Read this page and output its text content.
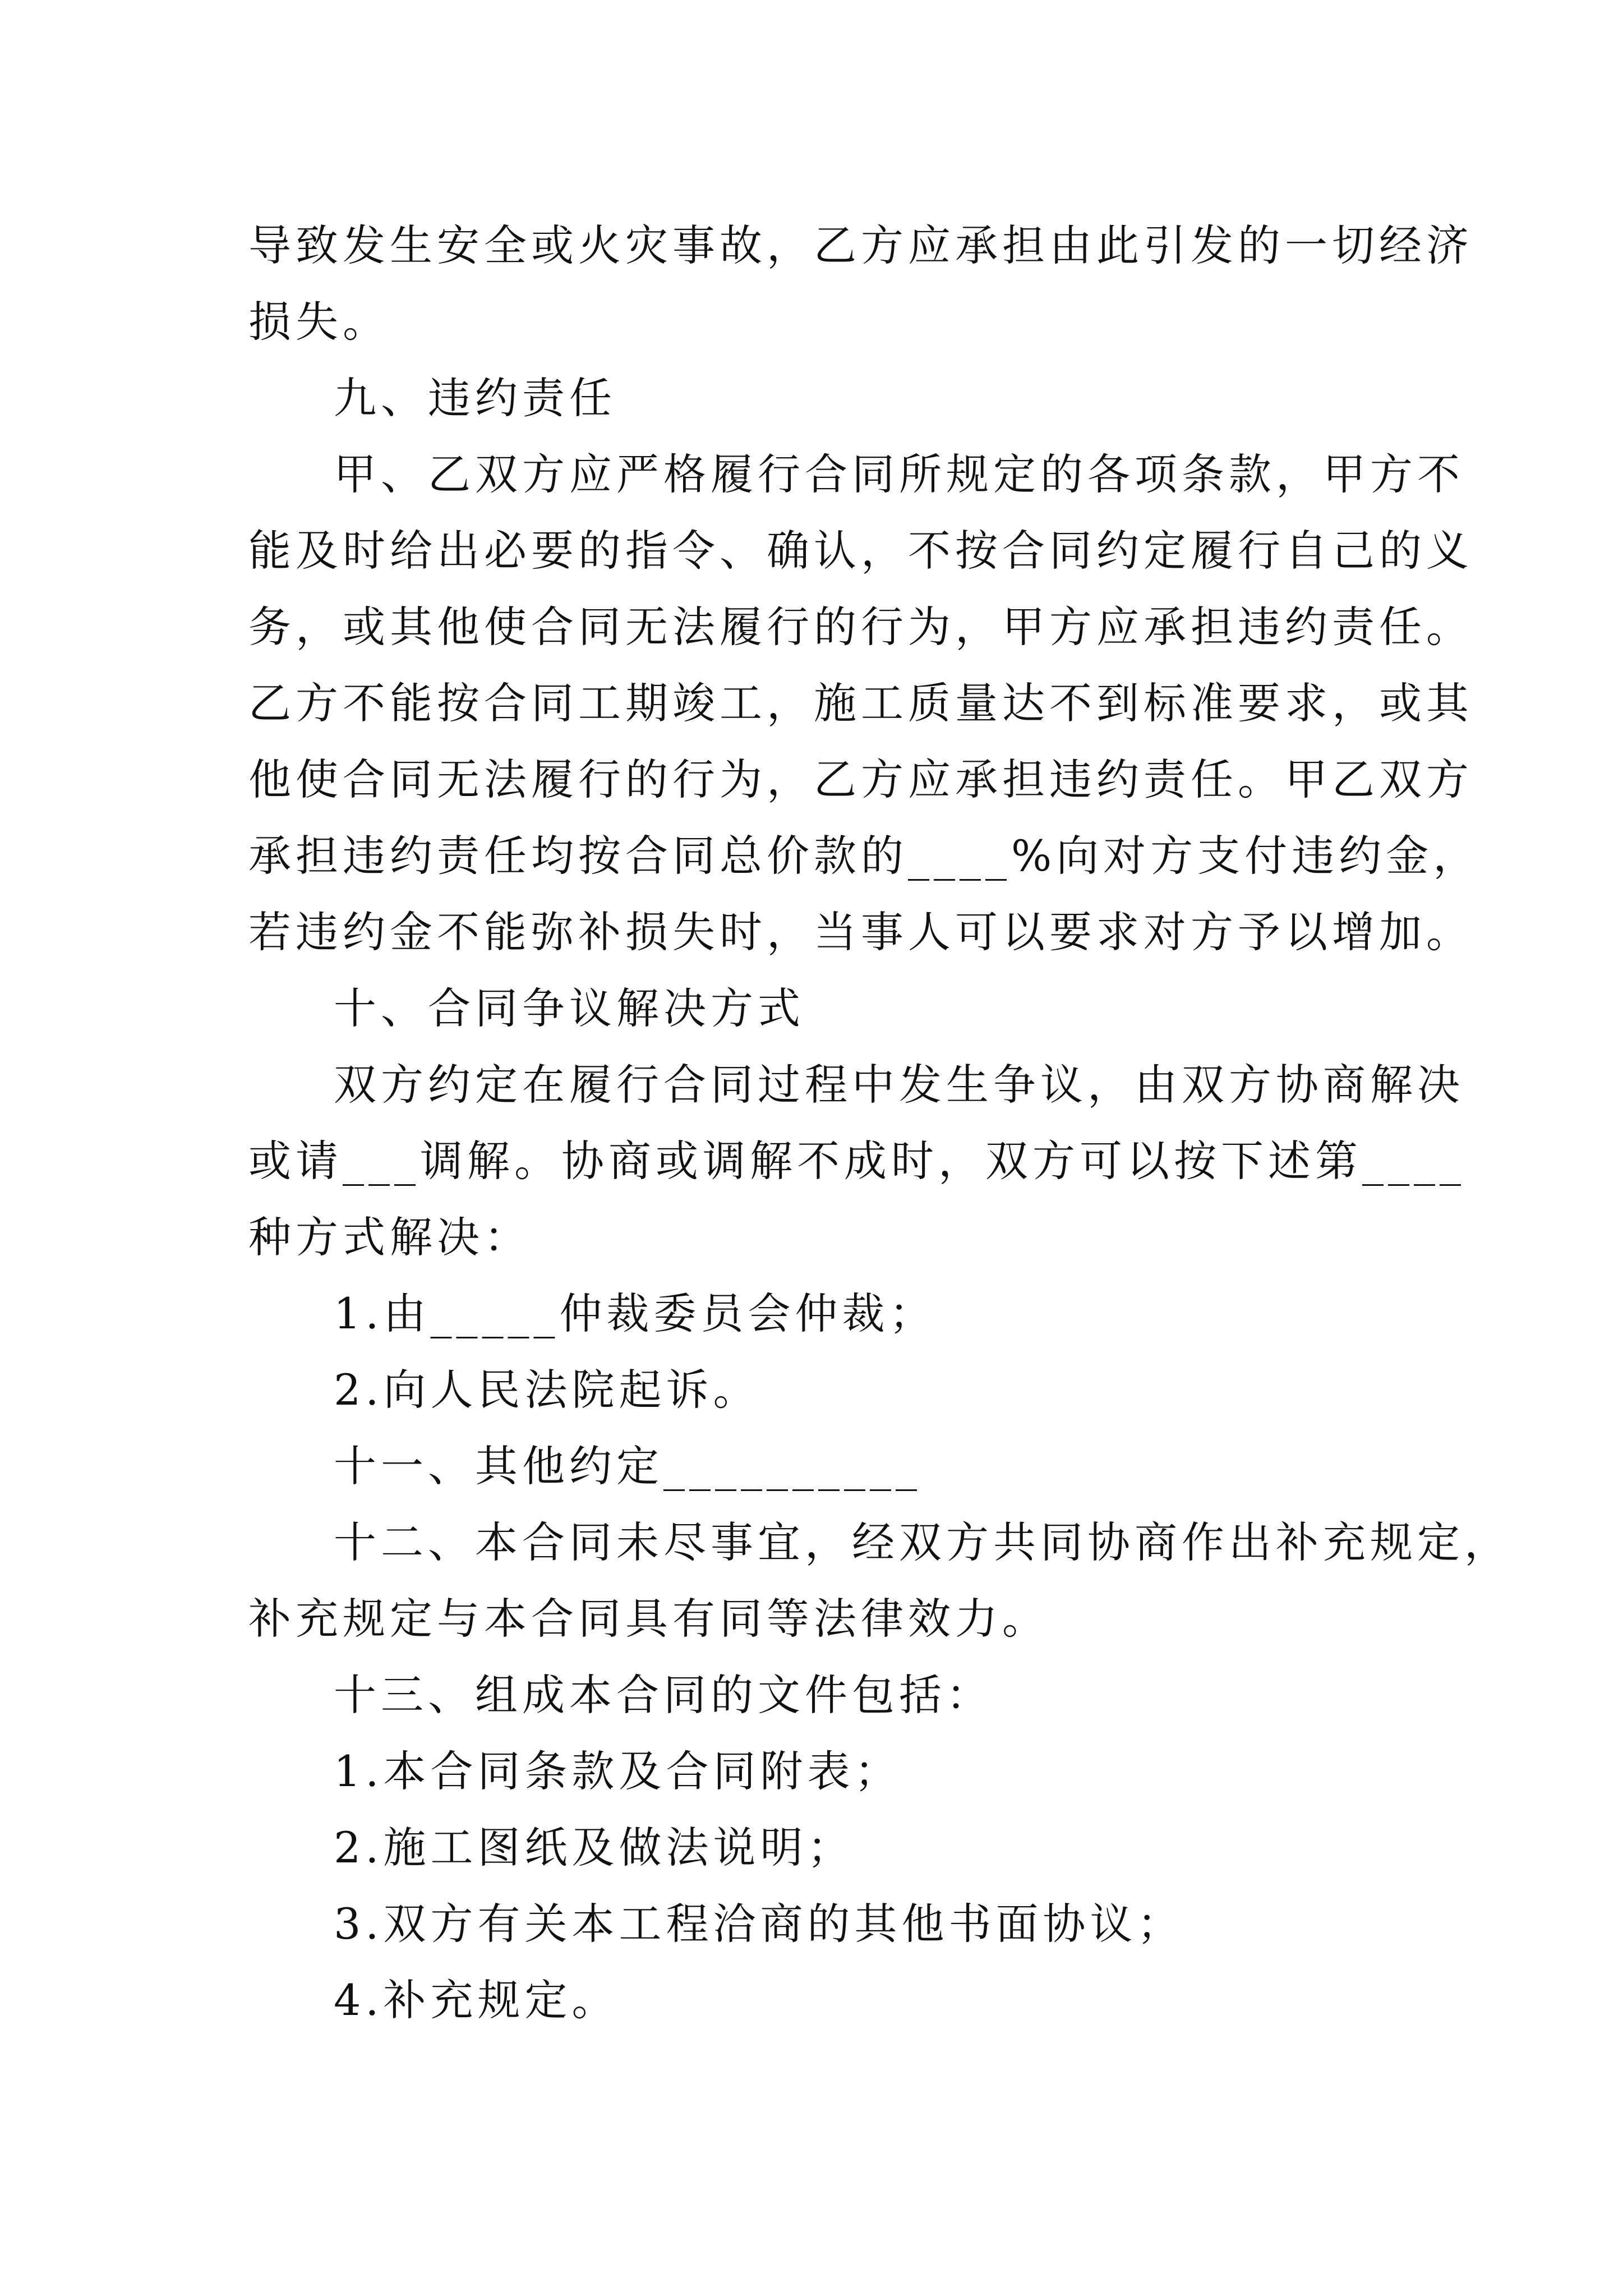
导致发生安全或火灾事故，乙方应承担由此引发的一切经济
损失。
九、违约责任
甲、乙双方应严格履行合同所规定的各项条款，甲方不
能及时给出必要的指令、确认，不按合同约定履行自己的义
务，或其他使合同无法履行的行为，甲方应承担违约责任。
乙方不能按合同工期竣工，施工质量达不到标准要求，或其
他使合同无法履行的行为，乙方应承担违约责任。甲乙双方
承担违约责任均按合同总价款的____%向对方支付违约金，
若违约金不能弥补损失时，当事人可以要求对方予以增加。
十、合同争议解决方式
双方约定在履行合同过程中发生争议，由双方协商解决
或请___调解。协商或调解不成时，双方可以按下述第____
种方式解决：
1.由_____仲裁委员会仲裁；
2.向人民法院起诉。
十一、其他约定__________
十二、本合同未尽事宜，经双方共同协商作出补充规定，
补充规定与本合同具有同等法律效力。
十三、组成本合同的文件包括：
1.本合同条款及合同附表；
2.施工图纸及做法说明；
3.双方有关本工程洽商的其他书面协议；
4.补充规定。
